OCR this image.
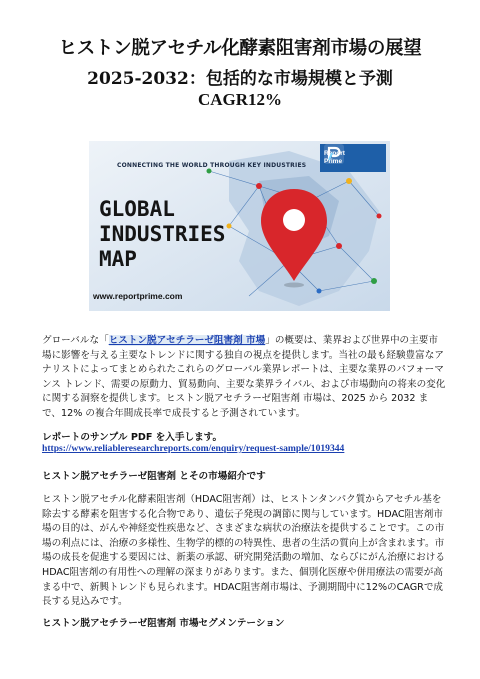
ヒストン脱アセチル化酵素阻害剤市場の展望
2025-2032：包括的な市場規模と予測
CAGR12%
CONNECTING THE WORLD THROUGH KEY INDUSTRIES
GLOBAL
INDUSTRIES
MAP
www.reportprime.com
Report
Prime

グローバルな「ヒストン脱アセチラーゼ阻害剤 市場」の概要は、業界および世界中の主要市場に影響を与える主要なトレンドに関する独自の視点を提供します。当社の最も経験豊富なアナリストによってまとめられたこれらのグローバル業界レポートは、主要な業界のパフォーマンス トレンド、需要の原動力、貿易動向、主要な業界ライバル、および市場動向の将来の変化に関する洞察を提供します。ヒストン脱アセチラーゼ阻害剤 市場は、2025 から 2032 まで、12% の複合年間成長率で成長すると予測されています。

レポートのサンプル PDF を入手します。

https://www.reliableresearchreports.com/enquiry/request-sample/1019344

ヒストン脱アセチラーゼ阻害剤 とその市場紹介です

ヒストン脱アセチル化酵素阻害剤（HDAC阻害剤）は、ヒストンタンパク質からアセチル基を除去する酵素を阻害する化合物であり、遺伝子発現の調節に関与しています。HDAC阻害剤市場の目的は、がんや神経変性疾患など、さまざまな病状の治療法を提供することです。この市場の利点には、治療の多様性、生物学的標的の特異性、患者の生活の質向上が含まれます。市場の成長を促進する要因には、新薬の承認、研究開発活動の増加、ならびにがん治療におけるHDAC阻害剤の有用性への理解の深まりがあります。また、個別化医療や併用療法の需要が高まる中で、新興トレンドも見られます。HDAC阻害剤市場は、予測期間中に12%のCAGRで成長する見込みです。

ヒストン脱アセチラーゼ阻害剤 市場セグメンテーション
